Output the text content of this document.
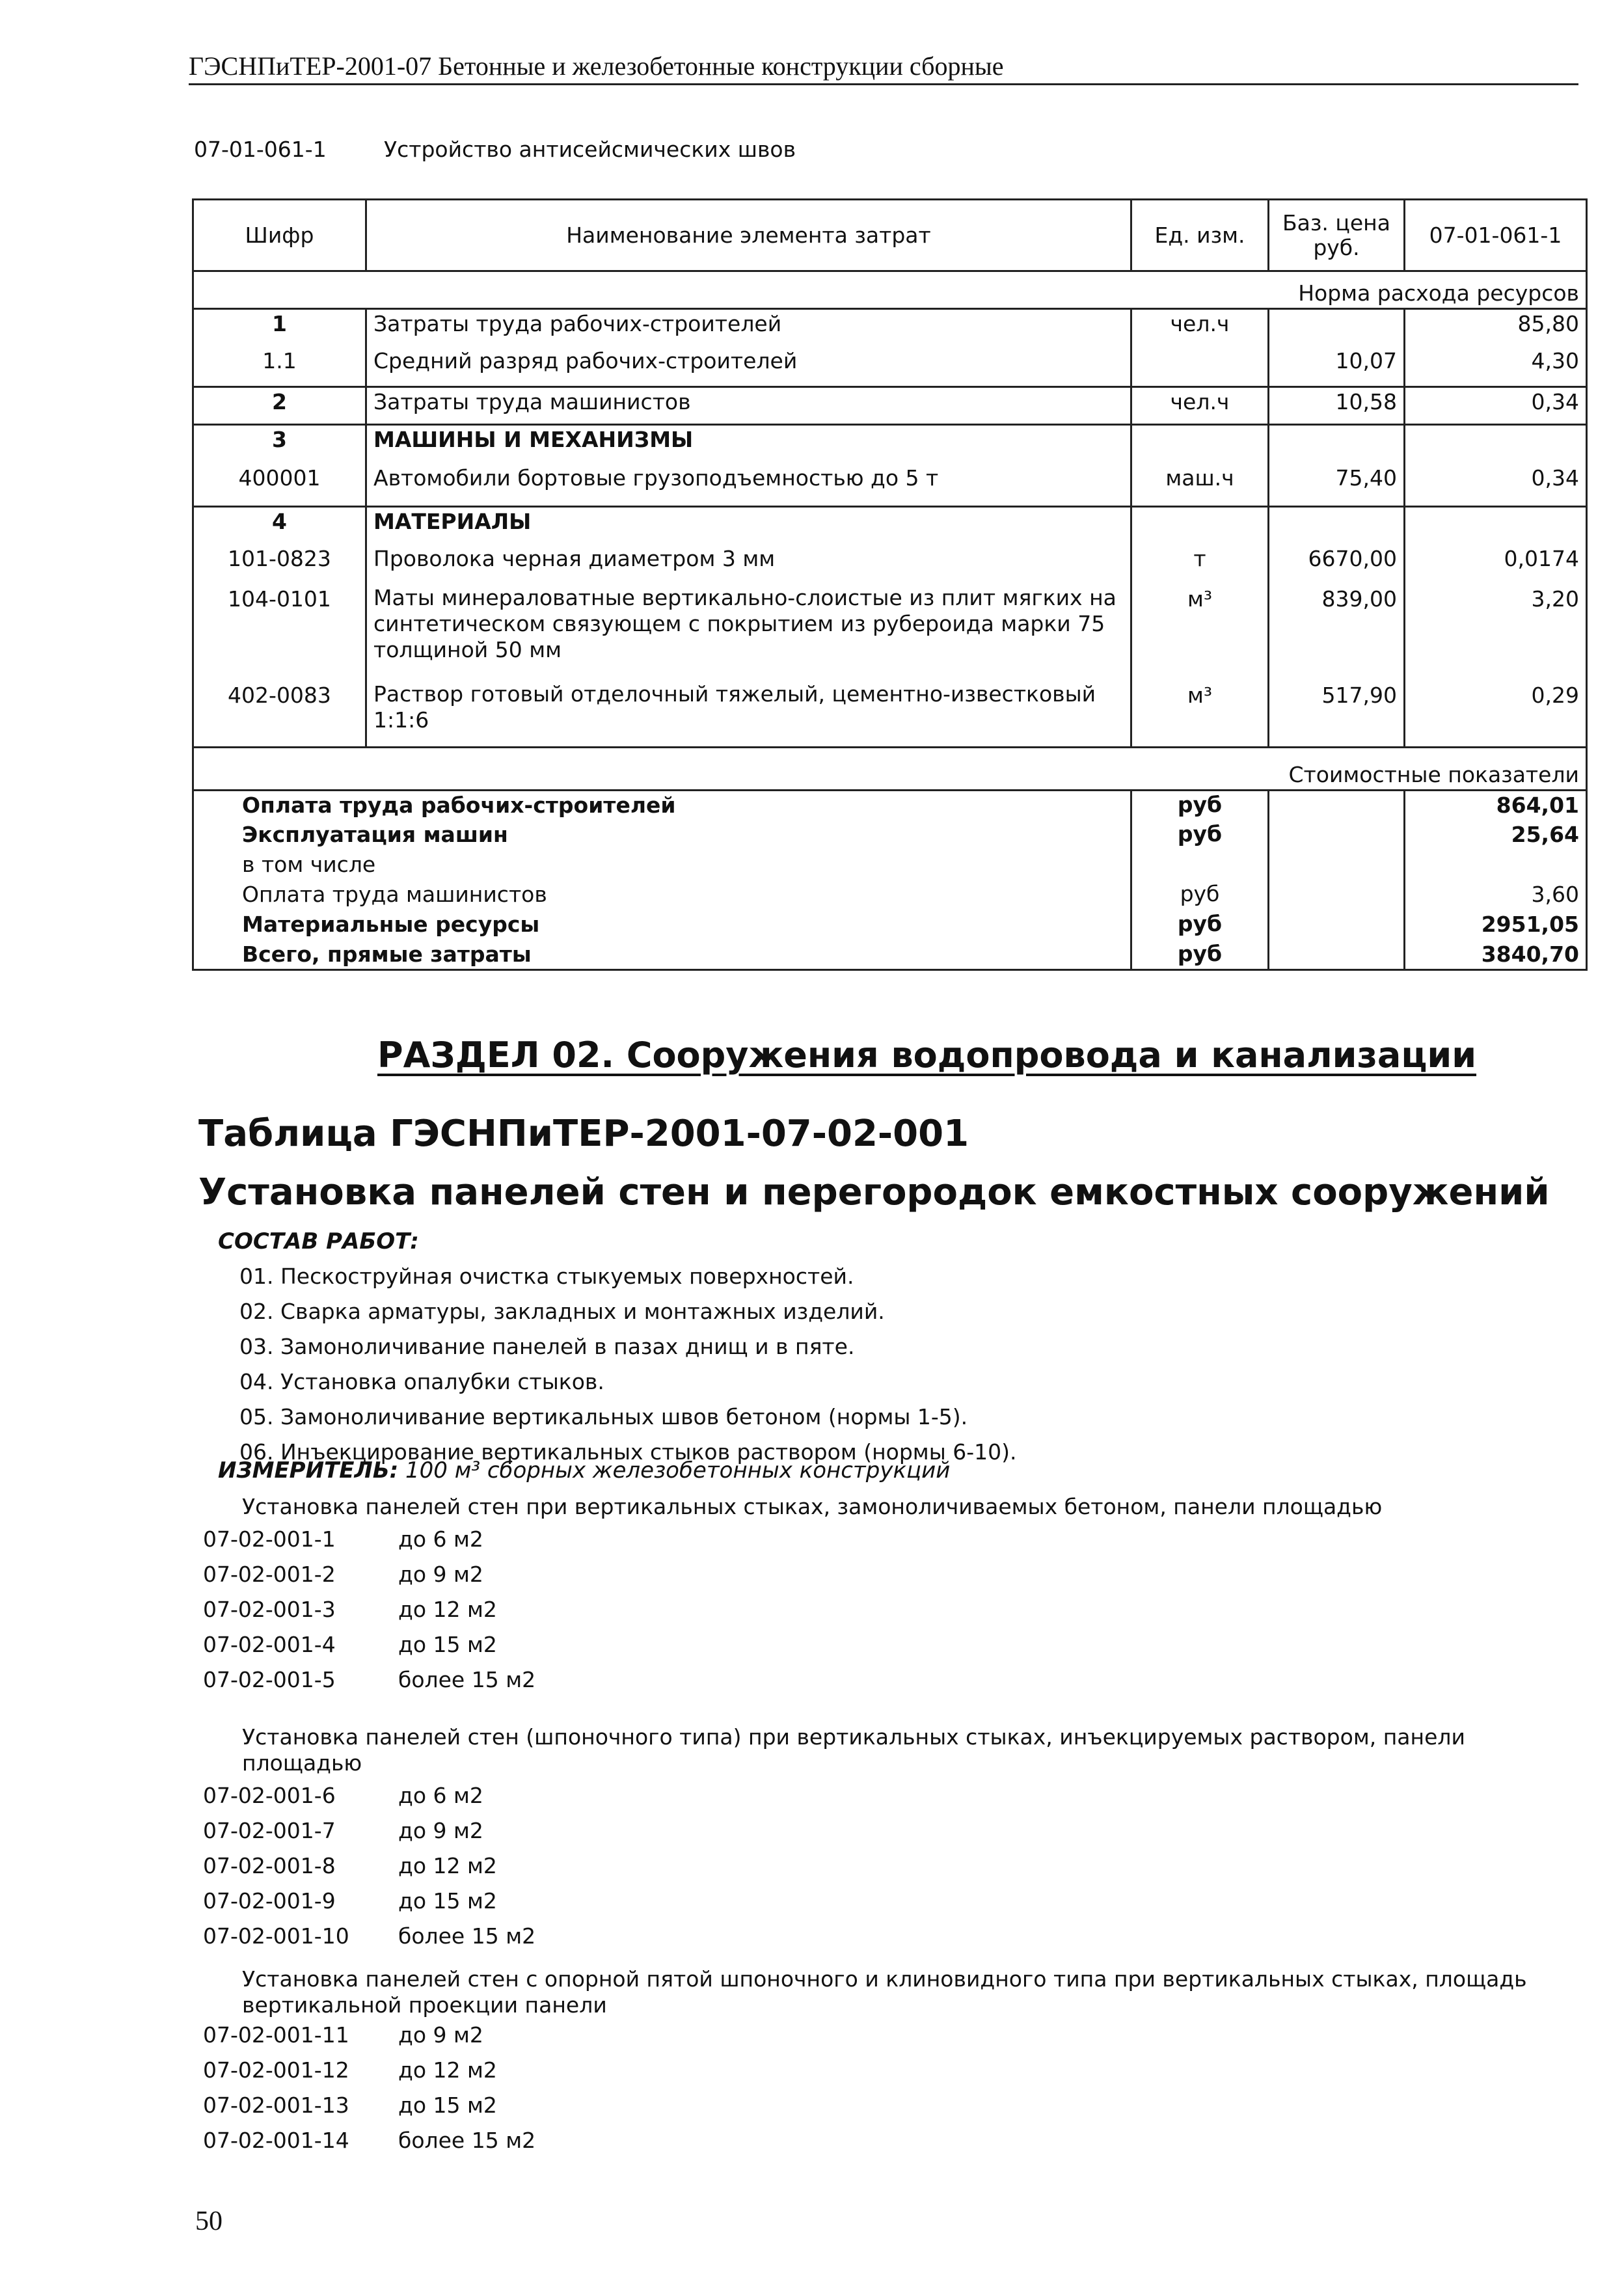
ГЭСНПиТЕР-2001-07 Бетонные и железобетонные конструкции сборные
07-01-061-1	Устройство антисейсмических швов
Шифр	Наименование элемента затрат	Ед. изм.	Баз. цена руб.	07-01-061-1
			Норма расхода ресурсов	
1	Затраты труда рабочих-строителей	чел.ч		85,80
1.1	Средний разряд рабочих-строителей		10,07	4,30
2	Затраты труда машинистов	чел.ч	10,58	0,34
3	МАШИНЫ И МЕХАНИЗМЫ			
400001	Автомобили бортовые грузоподъемностью до 5 т	маш.ч	75,40	0,34
4	МАТЕРИАЛЫ			
101-0823	Проволока черная диаметром 3 мм	т	6670,00	0,0174
104-0101	Маты минераловатные вертикально-слоистые из плит мягких на синтетическом связующем с покрытием из рубероида марки 75 толщиной 50 мм	м³	839,00	3,20
402-0083	Раствор готовый отделочный тяжелый, цементно-известковый 1:1:6	м³	517,90	0,29
			Стоимостные показатели	
Оплата труда рабочих-строителей		руб		864,01
Эксплуатация машин		руб		25,64
в том числе				
Оплата труда машинистов		руб		3,60
Материальные ресурсы		руб		2951,05
Всего, прямые затраты		руб		3840,70
РАЗДЕЛ 02. Сооружения водопровода и канализации
Таблица ГЭСНПиТЕР-2001-07-02-001
Установка панелей стен и перегородок емкостных сооружений
СОСТАВ РАБОТ:
01. Пескоструйная очистка стыкуемых поверхностей.
02. Сварка арматуры, закладных и монтажных изделий.
03. Замоноличивание панелей в пазах днищ и в пяте.
04. Установка опалубки стыков.
05. Замоноличивание вертикальных швов бетоном (нормы 1-5).
06. Инъекцирование вертикальных стыков раствором (нормы 6-10).
ИЗМЕРИТЕЛЬ: 100 м³ сборных железобетонных конструкций
Установка панелей стен при вертикальных стыках, замоноличиваемых бетоном, панели площадью
07-02-001-1	до 6 м2
07-02-001-2	до 9 м2
07-02-001-3	до 12 м2
07-02-001-4	до 15 м2
07-02-001-5	более 15 м2
Установка панелей стен (шпоночного типа) при вертикальных стыках, инъекцируемых раствором, панели площадью
07-02-001-6	до 6 м2
07-02-001-7	до 9 м2
07-02-001-8	до 12 м2
07-02-001-9	до 15 м2
07-02-001-10 более 15 м2
Установка панелей стен с опорной пятой шпоночного и клиновидного типа при вертикальных стыках, площадь вертикальной проекции панели
07-02-001-11 до 9 м2
07-02-001-12 до 12 м2
07-02-001-13 до 15 м2
07-02-001-14 более 15 м2
50
